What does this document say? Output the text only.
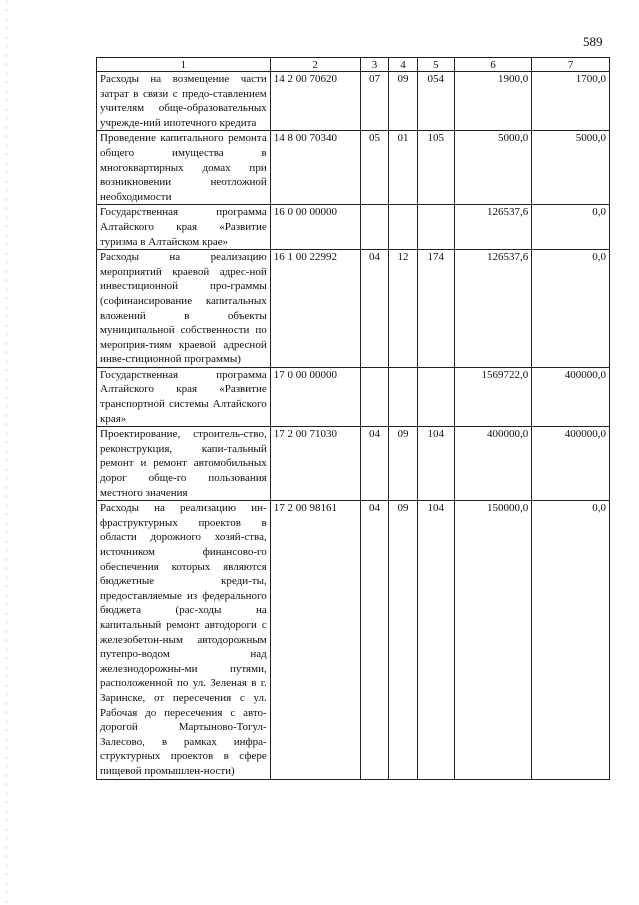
589
1	2	3	4	5	6	7
Расходы на возмещение части затрат в связи с предо-ставлением учителям обще-образовательных учрежде-ний ипотечного кредита	14 2 00 70620	07	09	054	1900,0	1700,0
Проведение капитального ремонта общего имущества в многоквартирных домах при возникновении неотложной необходимости	14 8 00 70340	05	01	105	5000,0	5000,0
Государственная программа Алтайского края «Развитие туризма в Алтайском крае»	16 0 00 00000				126537,6	0,0
Расходы на реализацию мероприятий краевой адрес-ной инвестиционной про-граммы (софинансирование капитальных вложений в объекты муниципальной собственности по мероприя-тиям краевой адресной инве-стиционной программы)	16 1 00 22992	04	12	174	126537,6	0,0
Государственная программа Алтайского края «Развитие транспортной системы Алтайского края»	17 0 00 00000				1569722,0	400000,0
Проектирование, строитель-ство, реконструкция, капи-тальный ремонт и ремонт автомобильных дорог обще-го пользования местного значения	17 2 00 71030	04	09	104	400000,0	400000,0
Расходы на реализацию ин-фраструктурных проектов в области дорожного хозяй-ства, источником финансово-го обеспечения которых являются бюджетные креди-ты, предоставляемые из федерального бюджета (рас-ходы на капитальный ремонт автодороги с железобетон-ным автодорожным путепро-водом над железнодорожны-ми путями, расположенной по ул. Зеленая в г. Заринске, от пересечения с ул. Рабочая до пересечения с авто-дорогой Мартыново-Тогул-Залесово, в рамках инфра-структурных проектов в сфере пищевой промышлен-ности)	17 2 00 98161	04	09	104	150000,0	0,0
